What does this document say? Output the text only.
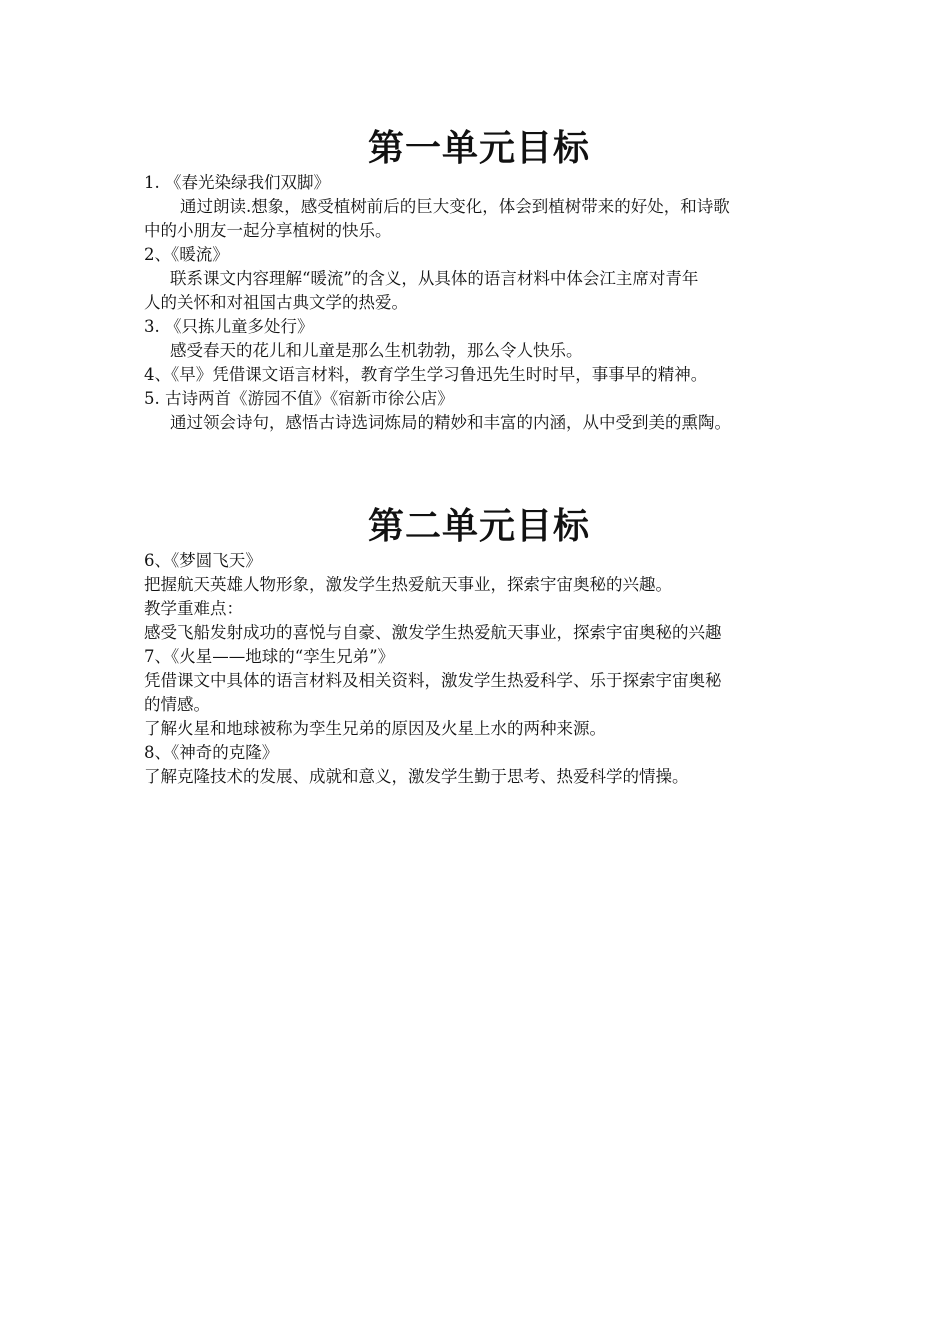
第一单元目标

1. 《春光染绿我们双脚》

通过朗读.想象，感受植树前后的巨大变化，体会到植树带来的好处，和诗歌

中的小朋友一起分享植树的快乐。

2、《暖流》

联系课文内容理解“暖流”的含义，从具体的语言材料中体会江主席对青年

人的关怀和对祖国古典文学的热爱。

3. 《只拣儿童多处行》

感受春天的花儿和儿童是那么生机勃勃，那么令人快乐。

4、《早》凭借课文语言材料，教育学生学习鲁迅先生时时早，事事早的精神。

5. 古诗两首《游园不值》《宿新市徐公店》

通过领会诗句，感悟古诗选词炼局的精妙和丰富的内涵，从中受到美的熏陶。

第二单元目标

6、《梦圆飞天》

把握航天英雄人物形象，激发学生热爱航天事业，探索宇宙奥秘的兴趣。

教学重难点：

感受飞船发射成功的喜悦与自豪、激发学生热爱航天事业，探索宇宙奥秘的兴趣

7、《火星——地球的“孪生兄弟”》

凭借课文中具体的语言材料及相关资料，激发学生热爱科学、乐于探索宇宙奥秘

的情感。

了解火星和地球被称为孪生兄弟的原因及火星上水的两种来源。

8、《神奇的克隆》

了解克隆技术的发展、成就和意义，激发学生勤于思考、热爱科学的情操。
